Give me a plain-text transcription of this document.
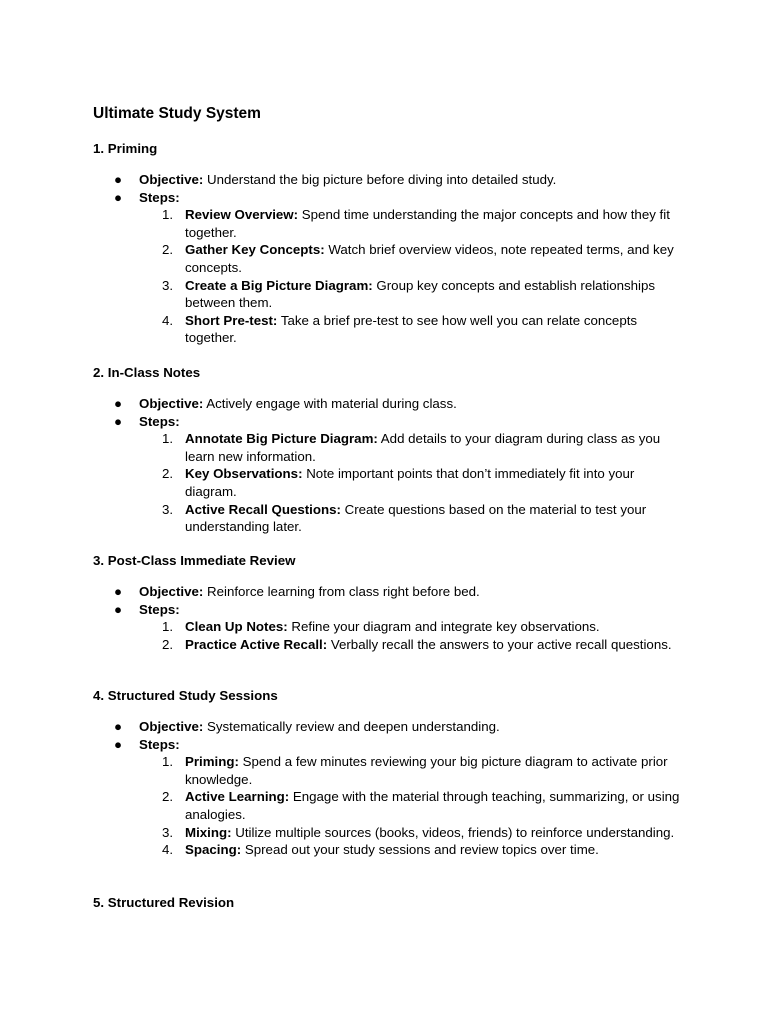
Ultimate Study System
1. Priming
● Objective: Understand the big picture before diving into detailed study.
● Steps:
1. Review Overview: Spend time understanding the major concepts and how they fit together.
2. Gather Key Concepts: Watch brief overview videos, note repeated terms, and key concepts.
3. Create a Big Picture Diagram: Group key concepts and establish relationships between them.
4. Short Pre-test: Take a brief pre-test to see how well you can relate concepts together.
2. In-Class Notes
● Objective: Actively engage with material during class.
● Steps:
1. Annotate Big Picture Diagram: Add details to your diagram during class as you learn new information.
2. Key Observations: Note important points that don’t immediately fit into your diagram.
3. Active Recall Questions: Create questions based on the material to test your understanding later.
3. Post-Class Immediate Review
● Objective: Reinforce learning from class right before bed.
● Steps:
1. Clean Up Notes: Refine your diagram and integrate key observations.
2. Practice Active Recall: Verbally recall the answers to your active recall questions.
4. Structured Study Sessions
● Objective: Systematically review and deepen understanding.
● Steps:
1. Priming: Spend a few minutes reviewing your big picture diagram to activate prior knowledge.
2. Active Learning: Engage with the material through teaching, summarizing, or using analogies.
3. Mixing: Utilize multiple sources (books, videos, friends) to reinforce understanding.
4. Spacing: Spread out your study sessions and review topics over time.
5. Structured Revision
